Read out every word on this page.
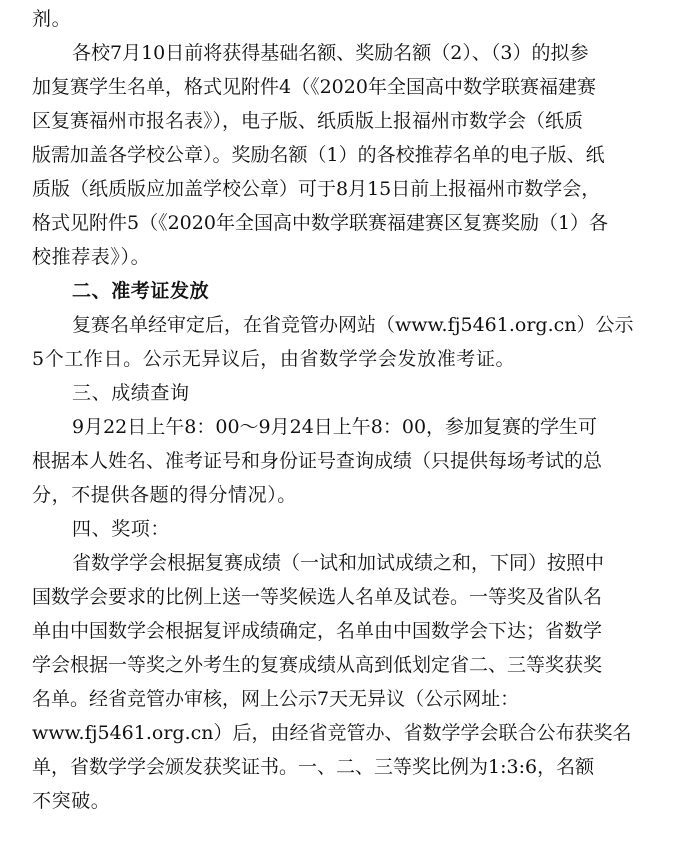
剂。
各校7月10日前将获得基础名额、奖励名额（2）、（3）的拟参
加复赛学生名单，格式见附件4（《2020年全国高中数学联赛福建赛
区复赛福州市报名表》），电子版、纸质版上报福州市数学会（纸质
版需加盖各学校公章）。奖励名额（1）的各校推荐名单的电子版、纸
质版（纸质版应加盖学校公章）可于8月15日前上报福州市数学会，
格式见附件5（《2020年全国高中数学联赛福建赛区复赛奖励（1）各
校推荐表》）。
二、准考证发放
复赛名单经审定后，在省竞管办网站（www.fj5461.org.cn）公示
5个工作日。公示无异议后，由省数学学会发放准考证。
三、成绩查询
9月22日上午8：00～9月24日上午8：00，参加复赛的学生可
根据本人姓名、准考证号和身份证号查询成绩（只提供每场考试的总
分，不提供各题的得分情况）。
四、奖项：
省数学学会根据复赛成绩（一试和加试成绩之和，下同）按照中
国数学会要求的比例上送一等奖候选人名单及试卷。一等奖及省队名
单由中国数学会根据复评成绩确定，名单由中国数学会下达；省数学
学会根据一等奖之外考生的复赛成绩从高到低划定省二、三等奖获奖
名单。经省竞管办审核，网上公示7天无异议（公示网址：
www.fj5461.org.cn）后，由经省竞管办、省数学学会联合公布获奖名
单，省数学学会颁发获奖证书。一、二、三等奖比例为1:3:6，名额
不突破。
